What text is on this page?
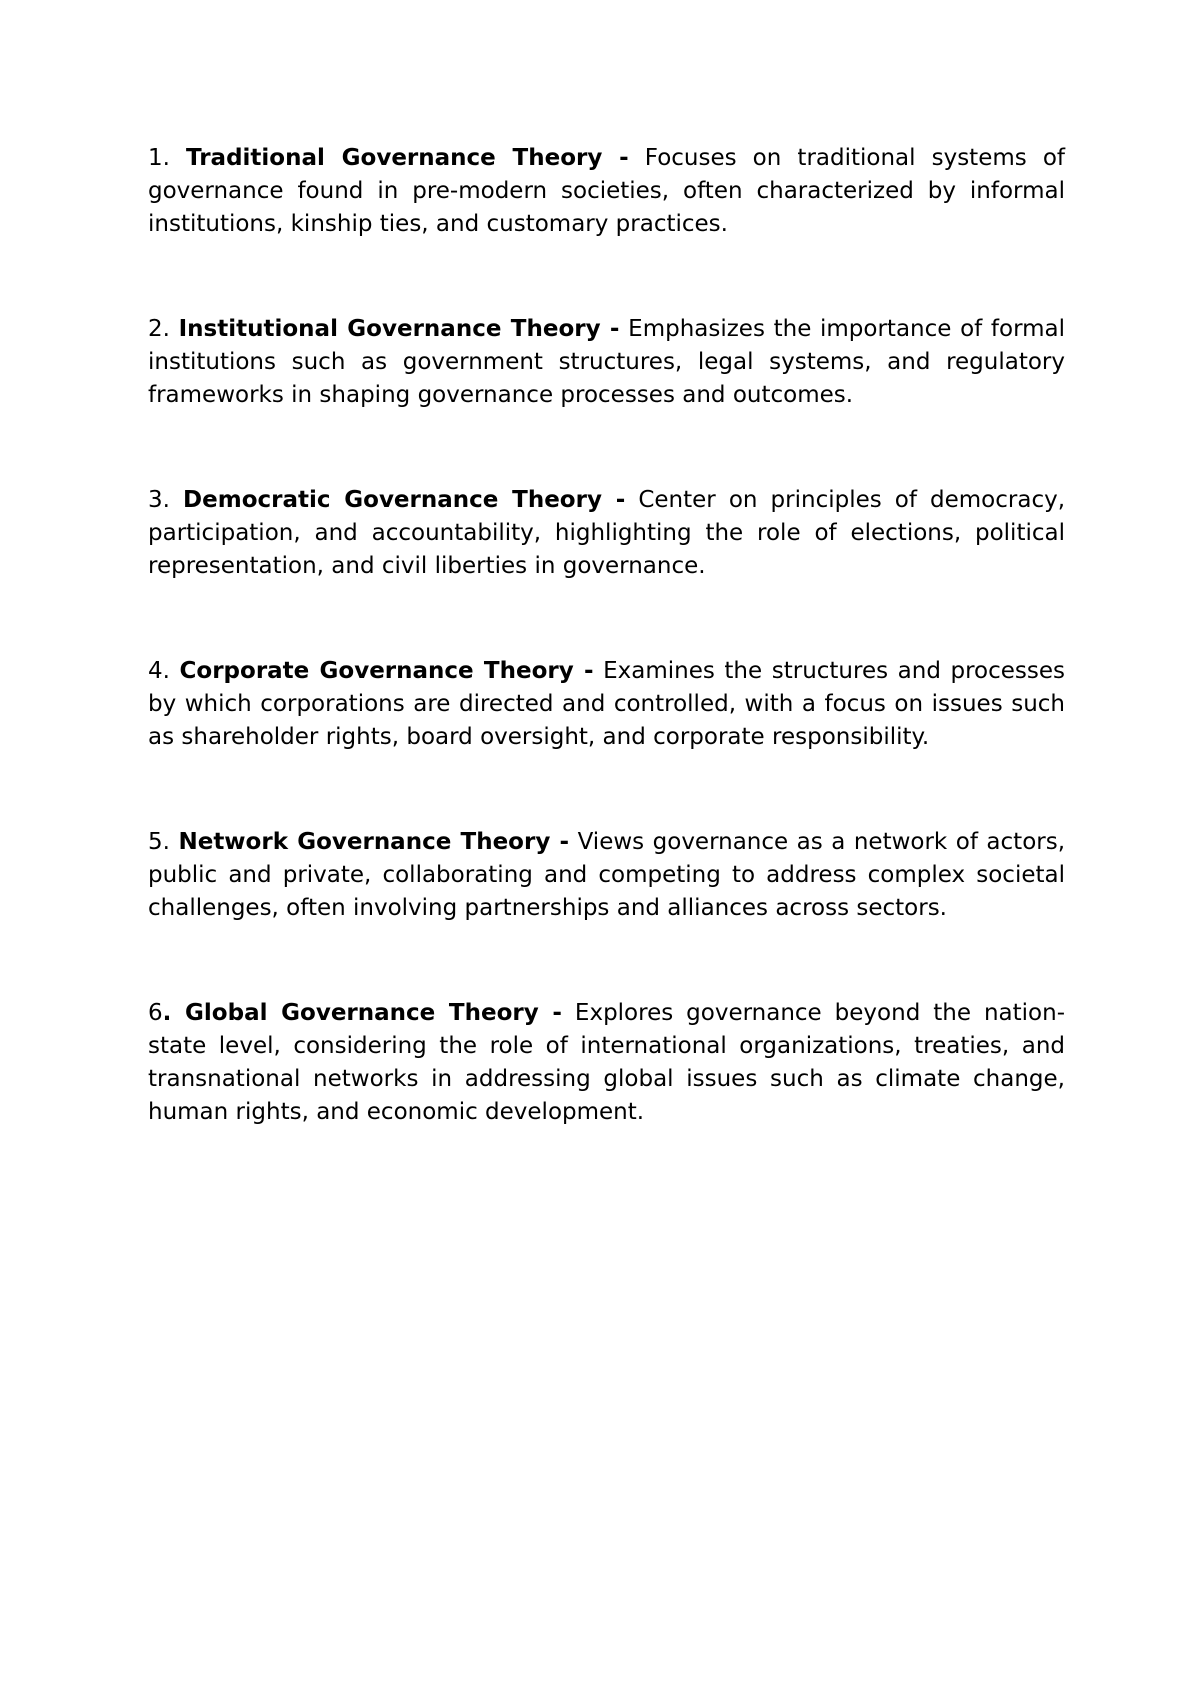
1. Traditional Governance Theory - Focuses on traditional systems of governance found in pre-modern societies, often characterized by informal institutions, kinship ties, and customary practices.

2. Institutional Governance Theory - Emphasizes the importance of formal institutions such as government structures, legal systems, and regulatory frameworks in shaping governance processes and outcomes.

3. Democratic Governance Theory - Center on principles of democracy, participation, and accountability, highlighting the role of elections, political representation, and civil liberties in governance.

4. Corporate Governance Theory - Examines the structures and processes by which corporations are directed and controlled, with a focus on issues such as shareholder rights, board oversight, and corporate responsibility.

5. Network Governance Theory - Views governance as a network of actors, public and private, collaborating and competing to address complex societal challenges, often involving partnerships and alliances across sectors.

6. Global Governance Theory - Explores governance beyond the nation-state level, considering the role of international organizations, treaties, and transnational networks in addressing global issues such as climate change, human rights, and economic development.
